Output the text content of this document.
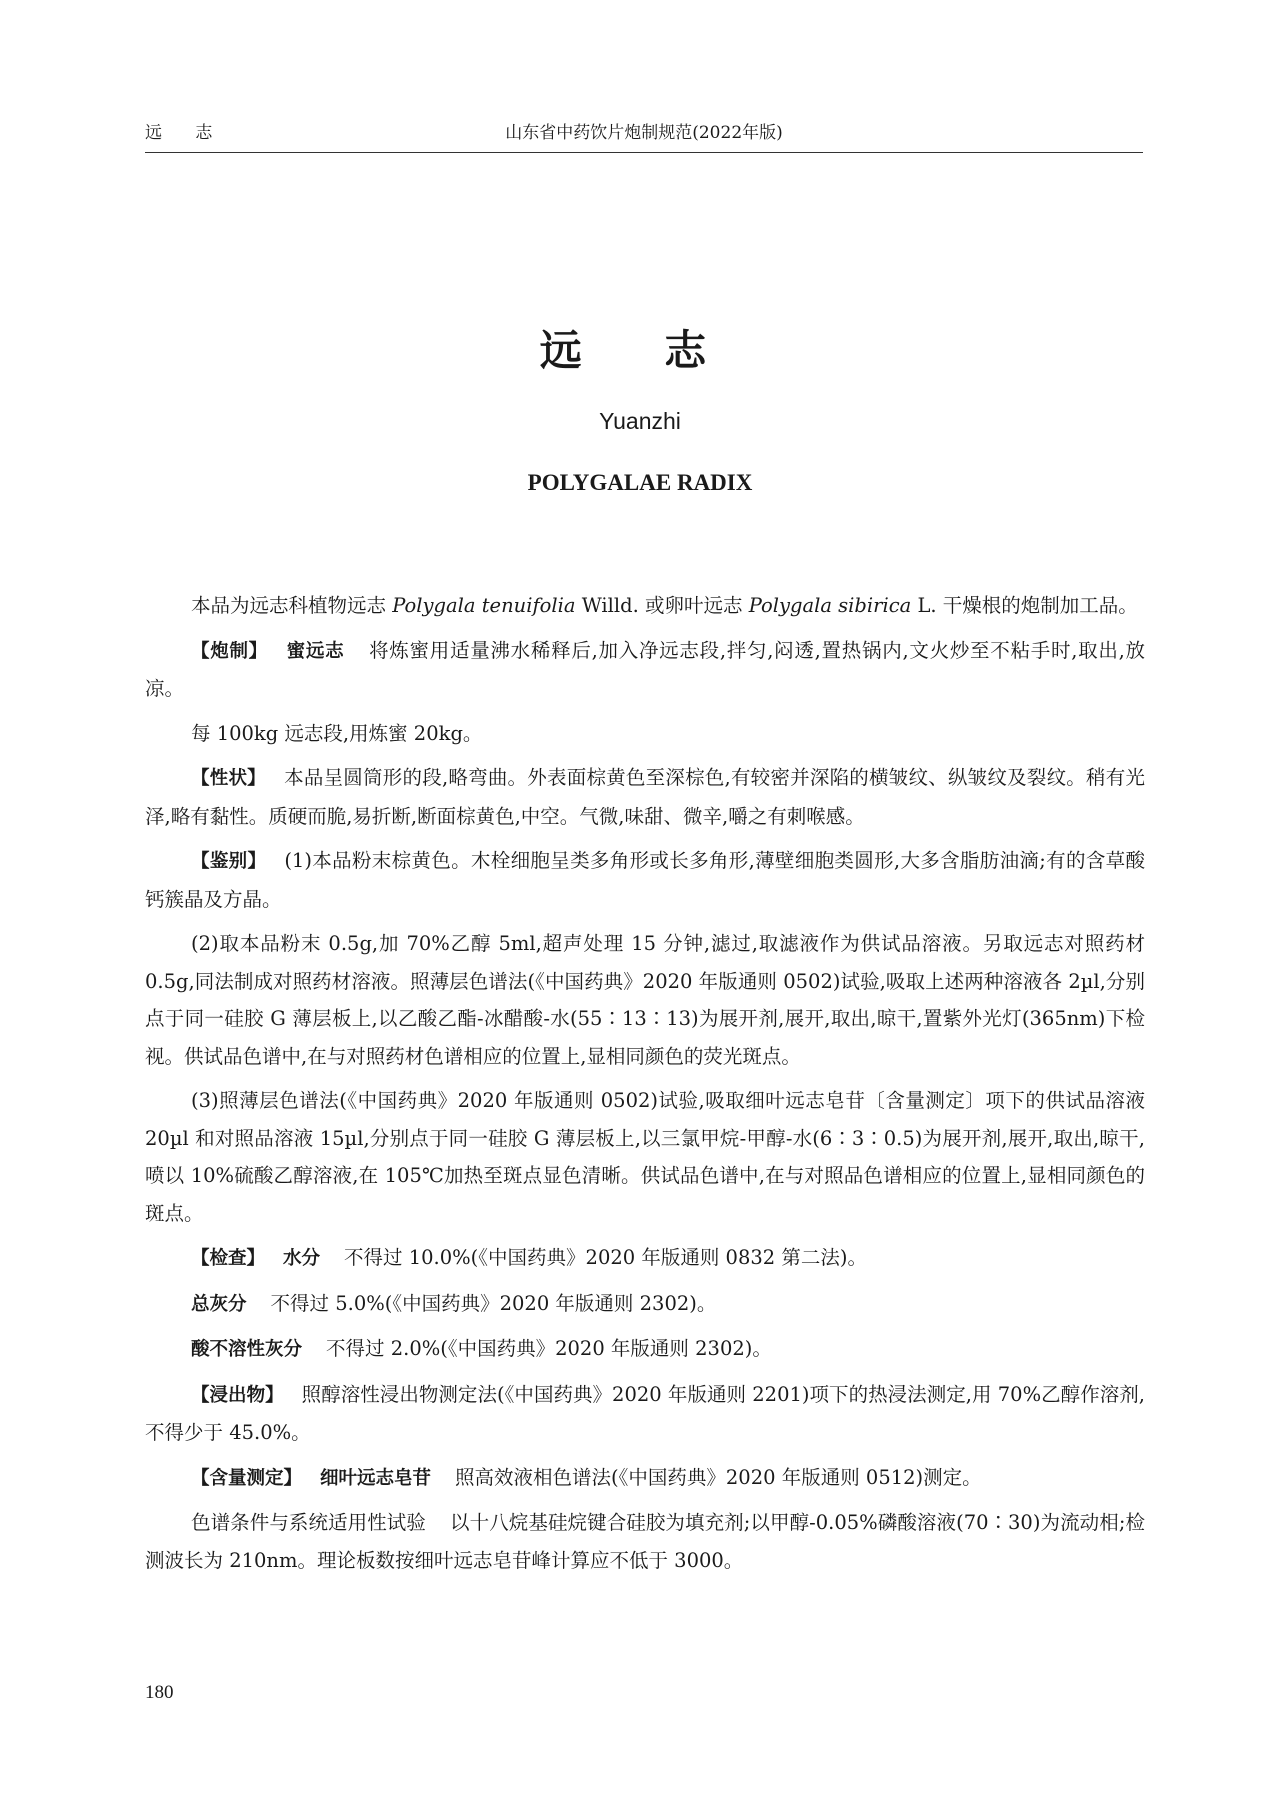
远 志	山东省中药饮片炮制规范(2022年版)
远 志
Yuanzhi
POLYGALAE RADIX

本品为远志科植物远志 Polygala tenuifolia Willd. 或卵叶远志 Polygala sibirica L. 干燥根的炮制加工品。

【炮制】 蜜远志 将炼蜜用适量沸水稀释后,加入净远志段,拌匀,闷透,置热锅内,文火炒至不粘手时,取出,放凉。

每 100kg 远志段,用炼蜜 20kg。

【性状】 本品呈圆筒形的段,略弯曲。外表面棕黄色至深棕色,有较密并深陷的横皱纹、纵皱纹及裂纹。稍有光泽,略有黏性。质硬而脆,易折断,断面棕黄色,中空。气微,味甜、微辛,嚼之有刺喉感。

【鉴别】 (1)本品粉末棕黄色。木栓细胞呈类多角形或长多角形,薄壁细胞类圆形,大多含脂肪油滴;有的含草酸钙簇晶及方晶。

(2)取本品粉末 0.5g,加 70%乙醇 5ml,超声处理 15 分钟,滤过,取滤液作为供试品溶液。另取远志对照药材 0.5g,同法制成对照药材溶液。照薄层色谱法(《中国药典》2020 年版通则 0502)试验,吸取上述两种溶液各 2µl,分别点于同一硅胶 G 薄层板上,以乙酸乙酯-冰醋酸-水(55∶13∶13)为展开剂,展开,取出,晾干,置紫外光灯(365nm)下检视。供试品色谱中,在与对照药材色谱相应的位置上,显相同颜色的荧光斑点。

(3)照薄层色谱法(《中国药典》2020 年版通则 0502)试验,吸取细叶远志皂苷〔含量测定〕项下的供试品溶液 20µl 和对照品溶液 15µl,分别点于同一硅胶 G 薄层板上,以三氯甲烷-甲醇-水(6∶3∶0.5)为展开剂,展开,取出,晾干,喷以 10%硫酸乙醇溶液,在 105℃加热至斑点显色清晰。供试品色谱中,在与对照品色谱相应的位置上,显相同颜色的斑点。

【检查】 水分 不得过 10.0%(《中国药典》2020 年版通则 0832 第二法)。

总灰分 不得过 5.0%(《中国药典》2020 年版通则 2302)。

酸不溶性灰分 不得过 2.0%(《中国药典》2020 年版通则 2302)。

【浸出物】 照醇溶性浸出物测定法(《中国药典》2020 年版通则 2201)项下的热浸法测定,用 70%乙醇作溶剂,不得少于 45.0%。

【含量测定】 细叶远志皂苷 照高效液相色谱法(《中国药典》2020 年版通则 0512)测定。

色谱条件与系统适用性试验 以十八烷基硅烷键合硅胶为填充剂;以甲醇-0.05%磷酸溶液(70∶30)为流动相;检测波长为 210nm。理论板数按细叶远志皂苷峰计算应不低于 3000。

180
